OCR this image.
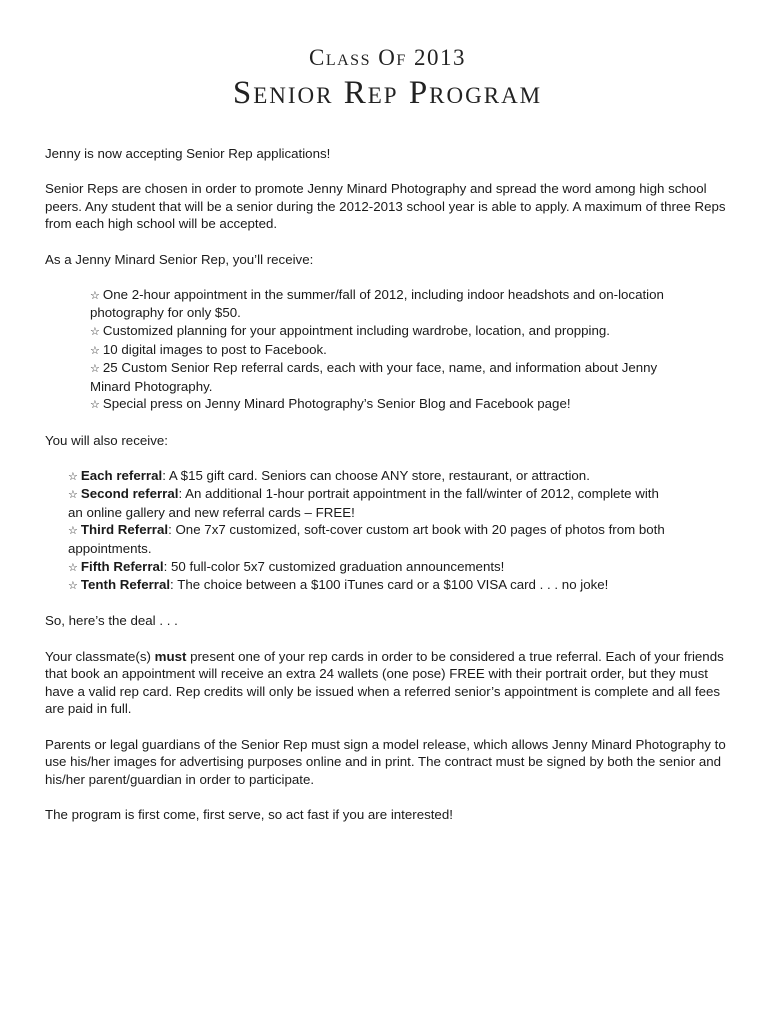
Class Of 2013

Senior Rep Program

Jenny is now accepting Senior Rep applications!

Senior Reps are chosen in order to promote Jenny Minard Photography and spread the word among high school peers. Any student that will be a senior during the 2012-2013 school year is able to apply. A maximum of three Reps from each high school will be accepted.

As a Jenny Minard Senior Rep, you’ll receive:

☆ One 2-hour appointment in the summer/fall of 2012, including indoor headshots and on-location photography for only $50.
☆ Customized planning for your appointment including wardrobe, location, and propping.
☆ 10 digital images to post to Facebook.
☆ 25 Custom Senior Rep referral cards, each with your face, name, and information about Jenny Minard Photography.
☆ Special press on Jenny Minard Photography’s Senior Blog and Facebook page!

You will also receive:

☆ Each referral: A $15 gift card. Seniors can choose ANY store, restaurant, or attraction.
☆ Second referral: An additional 1-hour portrait appointment in the fall/winter of 2012, complete with an online gallery and new referral cards – FREE!
☆ Third Referral: One 7x7 customized, soft-cover custom art book with 20 pages of photos from both appointments.
☆ Fifth Referral: 50 full-color 5x7 customized graduation announcements!
☆ Tenth Referral: The choice between a $100 iTunes card or a $100 VISA card . . . no joke!

So, here’s the deal . . .

Your classmate(s) must present one of your rep cards in order to be considered a true referral. Each of your friends that book an appointment will receive an extra 24 wallets (one pose) FREE with their portrait order, but they must have a valid rep card. Rep credits will only be issued when a referred senior’s appointment is complete and all fees are paid in full.

Parents or legal guardians of the Senior Rep must sign a model release, which allows Jenny Minard Photography to use his/her images for advertising purposes online and in print. The contract must be signed by both the senior and his/her parent/guardian in order to participate.

The program is first come, first serve, so act fast if you are interested!
